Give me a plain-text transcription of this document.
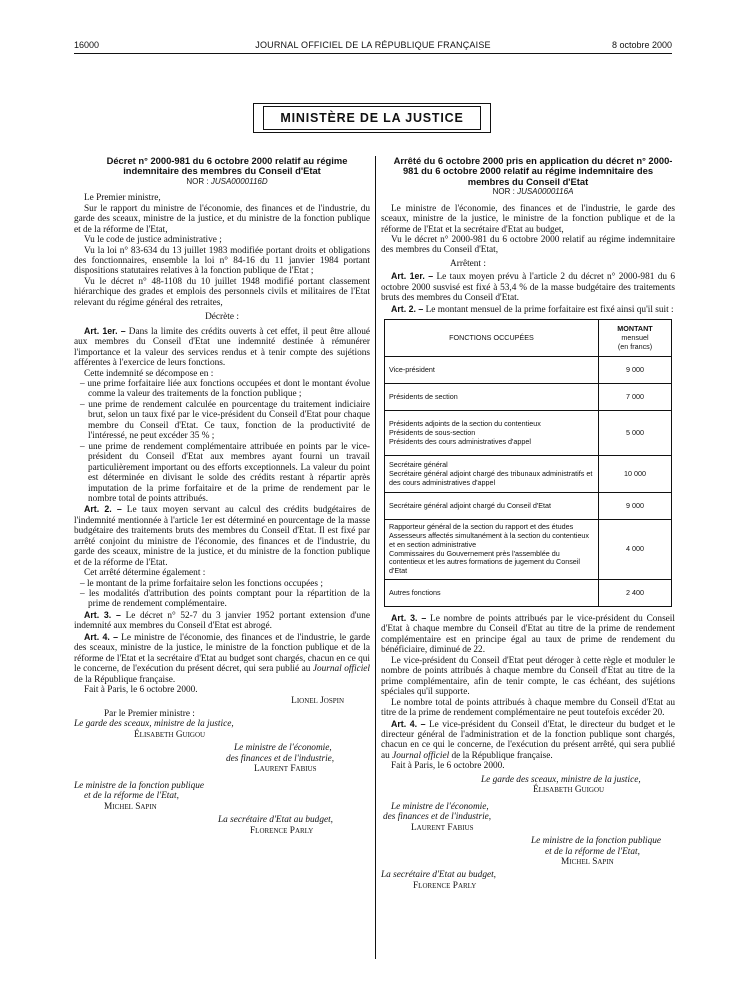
16000	JOURNAL OFFICIEL DE LA RÉPUBLIQUE FRANÇAISE	8 octobre 2000
MINISTÈRE DE LA JUSTICE

Décret n° 2000-981 du 6 octobre 2000 relatif au régime indemnitaire des membres du Conseil d'Etat

NOR : JUSA0000116D

Le Premier ministre,

Sur le rapport du ministre de l'économie, des finances et de l'industrie, du garde des sceaux, ministre de la justice, et du ministre de la fonction publique et de la réforme de l'Etat,

Vu le code de justice administrative ;

Vu la loi n° 83-634 du 13 juillet 1983 modifiée portant droits et obligations des fonctionnaires, ensemble la loi n° 84-16 du 11 janvier 1984 portant dispositions statutaires relatives à la fonction publique de l'Etat ;

Vu le décret n° 48-1108 du 10 juillet 1948 modifié portant classement hiérarchique des grades et emplois des personnels civils et militaires de l'Etat relevant du régime général des retraites,

Décrète :

Art. 1er. – Dans la limite des crédits ouverts à cet effet, il peut être alloué aux membres du Conseil d'Etat une indemnité destinée à rémunérer l'importance et la valeur des services rendus et à tenir compte des sujétions afférentes à l'exercice de leurs fonctions.

Cette indemnité se décompose en :

– une prime forfaitaire liée aux fonctions occupées et dont le montant évolue comme la valeur des traitements de la fonction publique ;

– une prime de rendement calculée en pourcentage du traitement indiciaire brut, selon un taux fixé par le vice-président du Conseil d'Etat pour chaque membre du Conseil d'Etat. Ce taux, fonction de la productivité de l'intéressé, ne peut excéder 35 % ;

– une prime de rendement complémentaire attribuée en points par le vice-président du Conseil d'Etat aux membres ayant fourni un travail particulièrement important ou des efforts exceptionnels. La valeur du point est déterminée en divisant le solde des crédits restant à répartir après imputation de la prime forfaitaire et de la prime de rendement par le nombre total de points attribués.

Art. 2. – Le taux moyen servant au calcul des crédits budgétaires de l'indemnité mentionnée à l'article 1er est déterminé en pourcentage de la masse budgétaire des traitements bruts des membres du Conseil d'Etat. Il est fixé par arrêté conjoint du ministre de l'économie, des finances et de l'industrie, du garde des sceaux, ministre de la justice, et du ministre de la fonction publique et de la réforme de l'Etat.

Cet arrêté détermine également :

– le montant de la prime forfaitaire selon les fonctions occupées ;

– les modalités d'attribution des points comptant pour la répartition de la prime de rendement complémentaire.

Art. 3. – Le décret n° 52-7 du 3 janvier 1952 portant extension d'une indemnité aux membres du Conseil d'Etat est abrogé.

Art. 4. – Le ministre de l'économie, des finances et de l'industrie, le garde des sceaux, ministre de la justice, le ministre de la fonction publique et de la réforme de l'Etat et la secrétaire d'Etat au budget sont chargés, chacun en ce qui le concerne, de l'exécution du présent décret, qui sera publié au Journal officiel de la République française.

Fait à Paris, le 6 octobre 2000.

Lionel Jospin

Par le Premier ministre :

Le garde des sceaux, ministre de la justice,

Élisabeth Guigou

Le ministre de l'économie,

des finances et de l'industrie,

Laurent Fabius

Le ministre de la fonction publique

et de la réforme de l'Etat,

Michel Sapin

La secrétaire d'Etat au budget,

Florence Parly

Arrêté du 6 octobre 2000 pris en application du décret n° 2000-981 du 6 octobre 2000 relatif au régime indemnitaire des membres du Conseil d'Etat

NOR : JUSA0000116A

Le ministre de l'économie, des finances et de l'industrie, le garde des sceaux, ministre de la justice, le ministre de la fonction publique et de la réforme de l'Etat et la secrétaire d'Etat au budget,

Vu le décret n° 2000-981 du 6 octobre 2000 relatif au régime indemnitaire des membres du Conseil d'Etat,

Arrêtent :

Art. 1er. – Le taux moyen prévu à l'article 2 du décret n° 2000-981 du 6 octobre 2000 susvisé est fixé à 53,4 % de la masse budgétaire des traitements bruts des membres du Conseil d'Etat.

Art. 2. – Le montant mensuel de la prime forfaitaire est fixé ainsi qu'il suit :

FONCTIONS OCCUPÉES	MONTANT
mensuel
(en francs)

Vice-président	9 000

Présidents de section	7 000

Présidents adjoints de la section du contentieux
Présidents de sous-section
Présidents des cours administratives d'appel	5 000

Secrétaire général
Secrétaire général adjoint chargé des tribunaux administratifs et des cours administratives d'appel	10 000

Secrétaire général adjoint chargé du Conseil d'Etat	9 000

Rapporteur général de la section du rapport et des études
Assesseurs affectés simultanément à la section du contentieux et en section administrative
Commissaires du Gouvernement près l'assemblée du contentieux et les autres formations de jugement du Conseil d'Etat	4 000

Autres fonctions	2 400

Art. 3. – Le nombre de points attribués par le vice-président du Conseil d'Etat à chaque membre du Conseil d'Etat au titre de la prime de rendement complémentaire est en principe égal au taux de prime de rendement du bénéficiaire, diminué de 22.

Le vice-président du Conseil d'Etat peut déroger à cette règle et moduler le nombre de points attribués à chaque membre du Conseil d'Etat au titre de la prime complémentaire, afin de tenir compte, le cas échéant, des sujétions spéciales qu'il supporte.

Le nombre total de points attribués à chaque membre du Conseil d'Etat au titre de la prime de rendement complémentaire ne peut toutefois excéder 20.

Art. 4. – Le vice-président du Conseil d'Etat, le directeur du budget et le directeur général de l'administration et de la fonction publique sont chargés, chacun en ce qui le concerne, de l'exécution du présent arrêté, qui sera publié au Journal officiel de la République française.

Fait à Paris, le 6 octobre 2000.

Le garde des sceaux, ministre de la justice,

Élisabeth Guigou

Le ministre de l'économie,

des finances et de l'industrie,

Laurent Fabius

Le ministre de la fonction publique

et de la réforme de l'Etat,

Michel Sapin

La secrétaire d'Etat au budget,

Florence Parly
